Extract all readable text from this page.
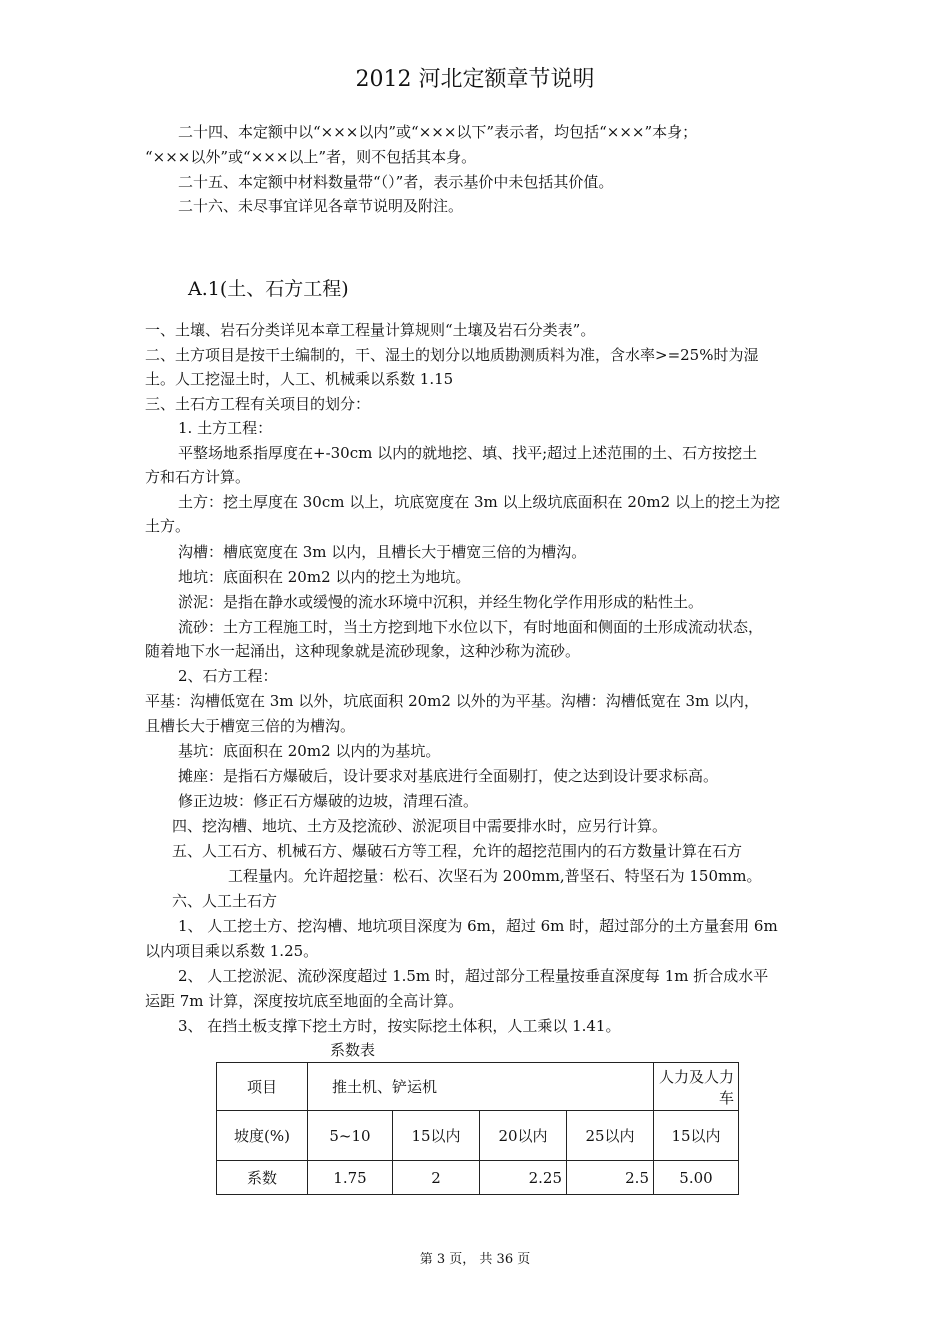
2012 河北定额章节说明
二十四、本定额中以“×××以内”或“×××以下”表示者，均包括“×××”本身；
“×××以外”或“×××以上”者，则不包括其本身。
二十五、本定额中材料数量带“（）”者，表示基价中未包括其价值。
二十六、未尽事宜详见各章节说明及附注。
A.1(土、石方工程)
一、土壤、岩石分类详见本章工程量计算规则“土壤及岩石分类表”。
二、土方项目是按干土编制的，干、湿土的划分以地质勘测质料为准，含水率>=25%时为湿
土。人工挖湿土时，人工、机械乘以系数 1.15
三、土石方工程有关项目的划分：
1. 土方工程：
平整场地系指厚度在+-30cm 以内的就地挖、填、找平;超过上述范围的土、石方按挖土
方和石方计算。
土方：挖土厚度在 30cm 以上，坑底宽度在 3m 以上级坑底面积在 20m2 以上的挖土为挖
土方。
沟槽：槽底宽度在 3m 以内，且槽长大于槽宽三倍的为槽沟。
地坑：底面积在 20m2 以内的挖土为地坑。
淤泥：是指在静水或缓慢的流水环境中沉积，并经生物化学作用形成的粘性土。
流砂：土方工程施工时，当土方挖到地下水位以下，有时地面和侧面的土形成流动状态，
随着地下水一起涌出，这种现象就是流砂现象，这种沙称为流砂。
2、石方工程：
平基：沟槽低宽在 3m 以外，坑底面积 20m2 以外的为平基。沟槽：沟槽低宽在 3m 以内，
且槽长大于槽宽三倍的为槽沟。
基坑：底面积在 20m2 以内的为基坑。
摊座：是指石方爆破后，设计要求对基底进行全面剔打，使之达到设计要求标高。
修正边坡：修正石方爆破的边坡，清理石渣。
四、挖沟槽、地坑、土方及挖流砂、淤泥项目中需要排水时，应另行计算。
五、人工石方、机械石方、爆破石方等工程，允许的超挖范围内的石方数量计算在石方
工程量内。允许超挖量：松石、次坚石为 200mm,普坚石、特坚石为 150mm。
六、人工土石方
1、 人工挖土方、挖沟槽、地坑项目深度为 6m，超过 6m 时，超过部分的土方量套用 6m
以内项目乘以系数 1.25。
2、 人工挖淤泥、流砂深度超过 1.5m 时，超过部分工程量按垂直深度每 1m 折合成水平
运距 7m 计算，深度按坑底至地面的全高计算。
3、 在挡土板支撑下挖土方时，按实际挖土体积，人工乘以 1.41。
系数表
项目	推土机、铲运机				人力及人力车
坡度(%)	5~10	15以内	20以内	25以内	15以内
系数	1.75	2	2.25	2.5	5.00
第 3 页， 共 36 页
